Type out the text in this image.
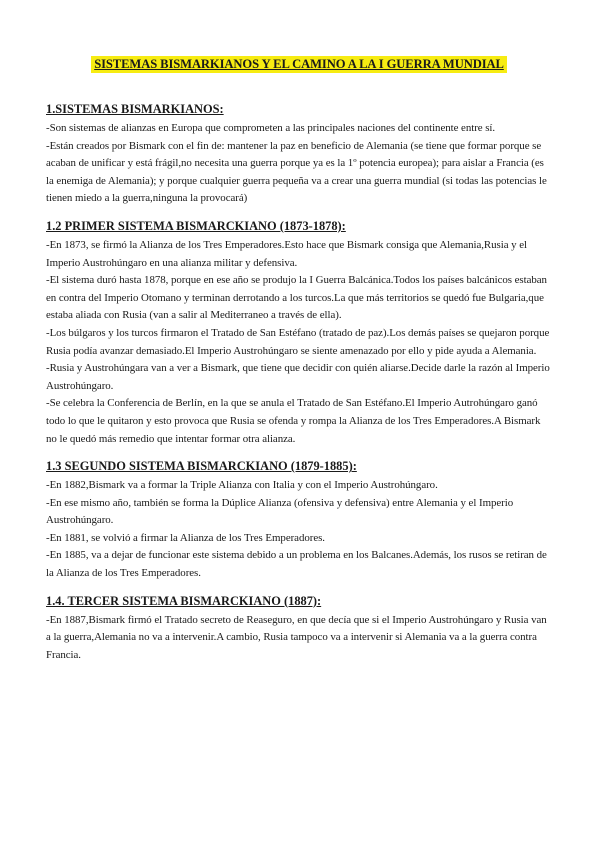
SISTEMAS BISMARKIANOS Y EL CAMINO A LA I GUERRA MUNDIAL
1.SISTEMAS BISMARKIANOS:

-Son sistemas de alianzas en Europa que comprometen a las principales naciones del continente entre sí.

-Están creados por Bismark con el fin de: mantener la paz en beneficio de Alemania (se tiene que formar porque se acaban de unificar y está frágil,no necesita una guerra porque ya es la 1º potencia europea); para aislar a Francia (es la enemiga de Alemania); y porque cualquier guerra pequeña va a crear una guerra mundial (si todas las potencias le tienen miedo a la guerra,ninguna la provocará)

1.2 PRIMER SISTEMA BISMARCKIANO (1873-1878):

-En 1873, se firmó la Alianza de los Tres Emperadores.Esto hace que Bismark consiga que Alemania,Rusia y el Imperio Austrohúngaro en una alianza militar y defensiva.

-El sistema duró hasta 1878, porque en ese año se produjo la I Guerra Balcánica.Todos los países balcánicos estaban en contra del Imperio Otomano y terminan derrotando a los turcos.La que más territorios se quedó fue Bulgaria,que estaba aliada con Rusia (van a salir al Mediterraneo a través de ella).

-Los búlgaros y los turcos firmaron el Tratado de San Estéfano (tratado de paz).Los demás países se quejaron porque Rusia podía avanzar demasiado.El Imperio Austrohúngaro se siente amenazado por ello y pide ayuda a Alemania.

-Rusia y Austrohúngara van a ver a Bismark, que tiene que decidir con quién aliarse.Decide darle la razón al Imperio Austrohúngaro.

-Se celebra la Conferencia de Berlín, en la que se anula el Tratado de San Estéfano.El Imperio Autrohúngaro ganó todo lo que le quitaron y esto provoca que Rusia se ofenda y rompa la Alianza de los Tres Emperadores.A Bismark no le quedó más remedio que intentar formar otra alianza.

1.3 SEGUNDO SISTEMA BISMARCKIANO (1879-1885):

-En 1882,Bismark va a formar la Triple Alianza con Italia y con el Imperio Austrohúngaro.

-En ese mismo año, también se forma la Dúplice Alianza (ofensiva y defensiva) entre Alemania y el Imperio Austrohúngaro.

-En 1881, se volvió a firmar la Alianza de los Tres Emperadores.

-En 1885, va a dejar de funcionar este sistema debido a un problema en los Balcanes.Además, los rusos se retiran de la Alianza de los Tres Emperadores.

1.4. TERCER SISTEMA BISMARCKIANO (1887):

-En 1887,Bismark firmó el Tratado secreto de Reaseguro, en que decía que si el Imperio Austrohúngaro y Rusia van a la guerra,Alemania no va a intervenir.A cambio, Rusia tampoco va a intervenir si Alemania va a la guerra contra Francia.
